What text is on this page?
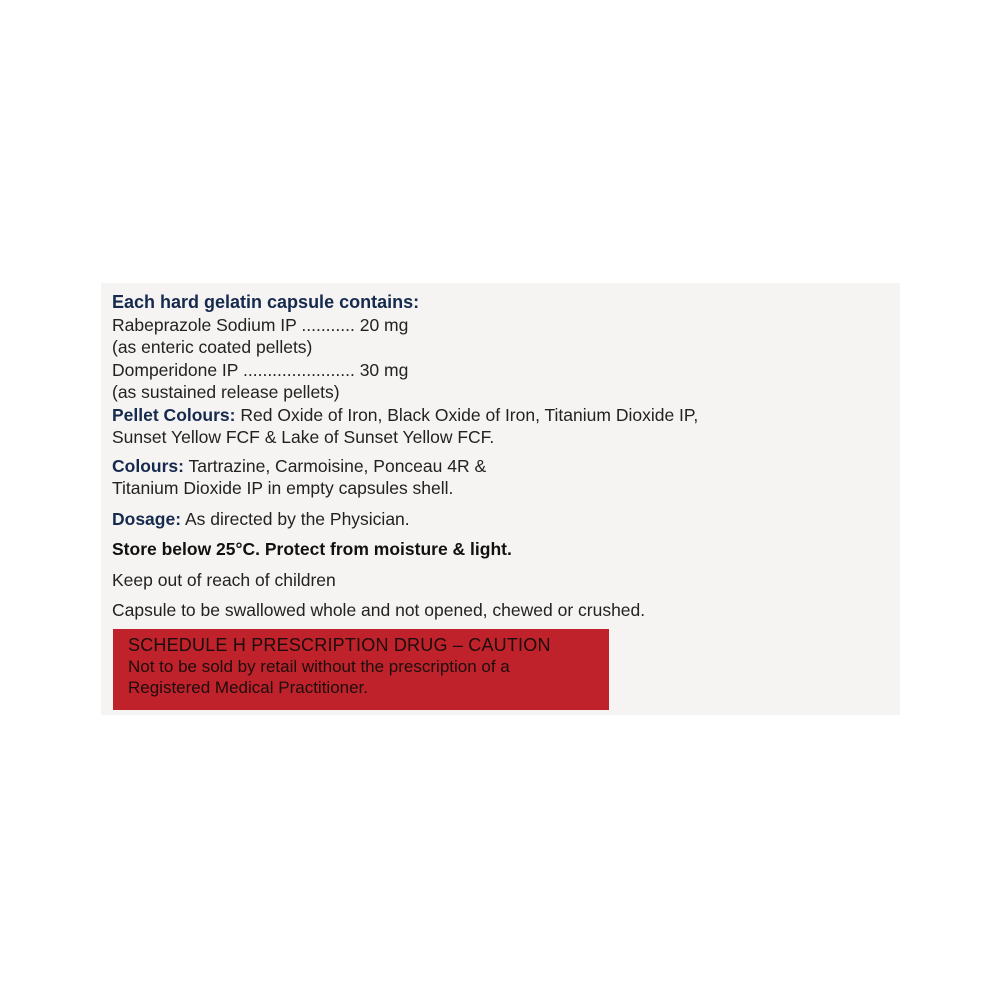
Each hard gelatin capsule contains:
Rabeprazole Sodium IP ........... 20 mg
(as enteric coated pellets)
Domperidone IP ....................... 30 mg
(as sustained release pellets)
Pellet Colours: Red Oxide of Iron, Black Oxide of Iron, Titanium Dioxide IP,
Sunset Yellow FCF & Lake of Sunset Yellow FCF.
Colours: Tartrazine, Carmoisine, Ponceau 4R &
Titanium Dioxide IP in empty capsules shell.
Dosage: As directed by the Physician.
Store below 25°C. Protect from moisture & light.
Keep out of reach of children
Capsule to be swallowed whole and not opened, chewed or crushed.
SCHEDULE H PRESCRIPTION DRUG – CAUTION
Not to be sold by retail without the prescription of a
Registered Medical Practitioner.
